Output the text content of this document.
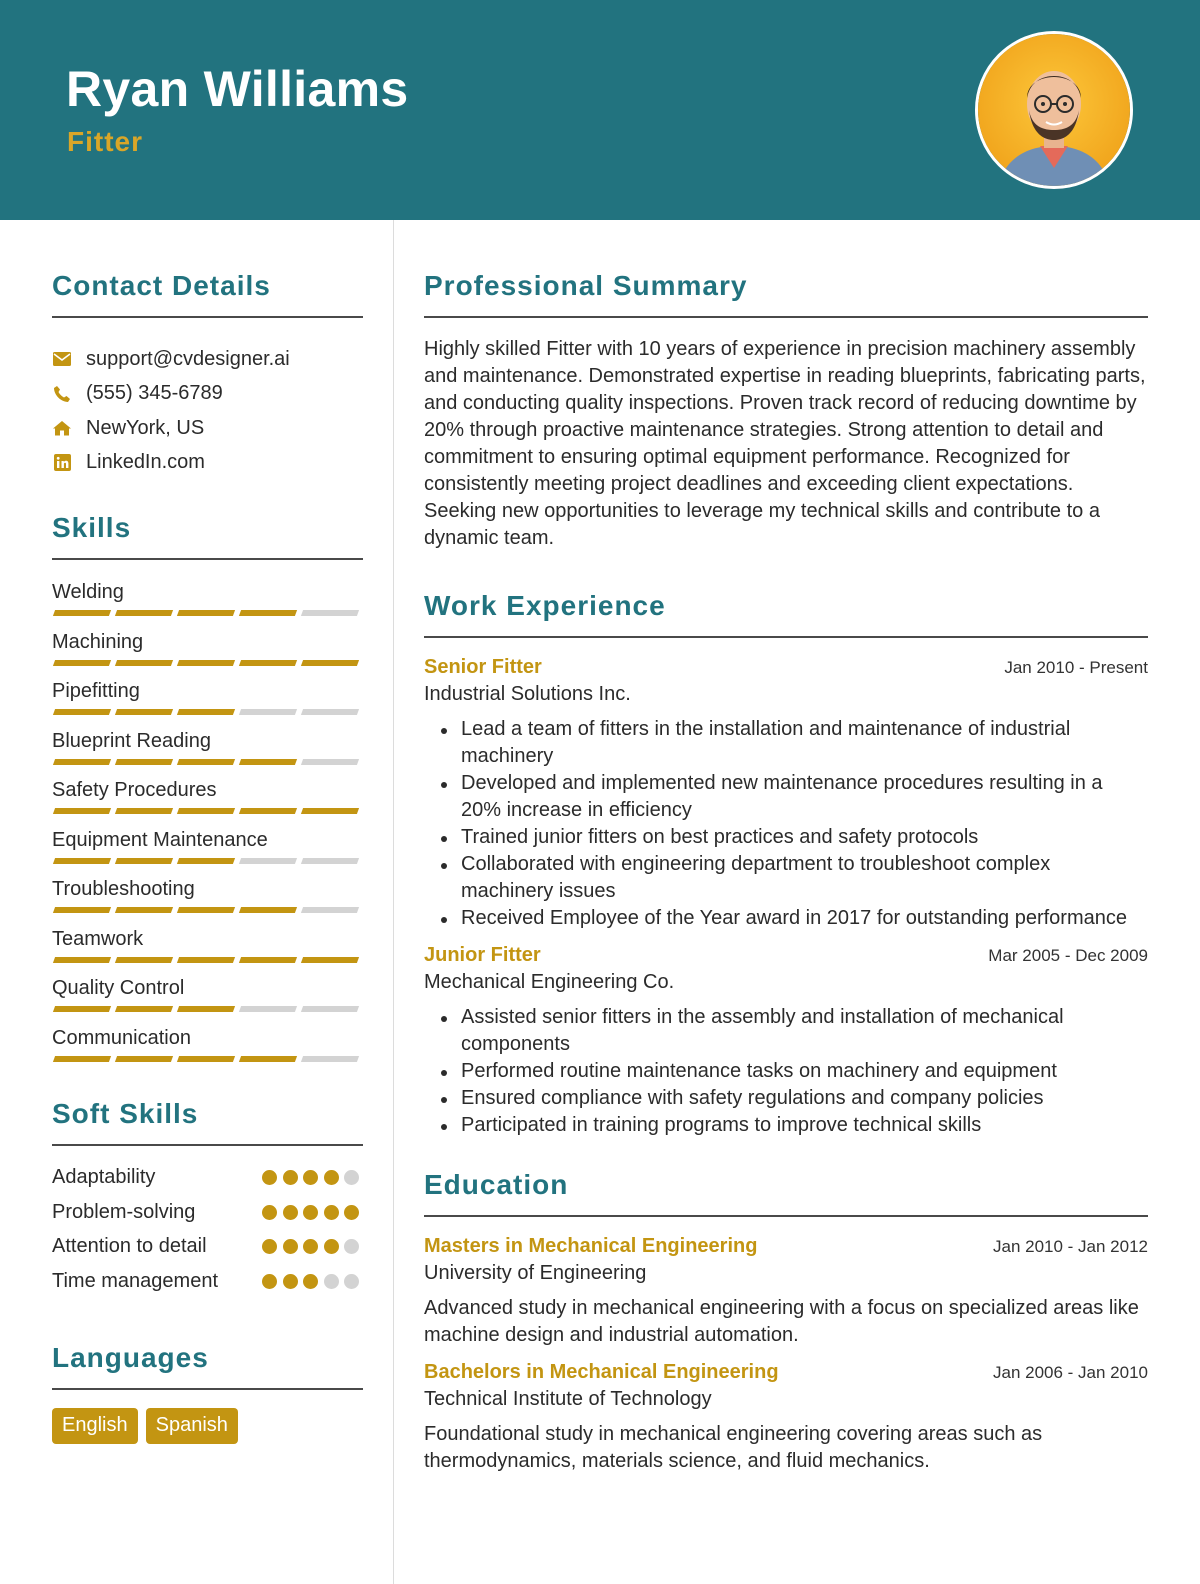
Ryan Williams
Fitter
Contact Details
support@cvdesigner.ai
(555) 345-6789
NewYork, US
LinkedIn.com
Skills
Welding
Machining
Pipefitting
Blueprint Reading
Safety Procedures
Equipment Maintenance
Troubleshooting
Teamwork
Quality Control
Communication
Soft Skills
Adaptability
Problem-solving
Attention to detail
Time management
Languages
English	Spanish
Professional Summary

Highly skilled Fitter with 10 years of experience in precision machinery assembly and maintenance. Demonstrated expertise in reading blueprints, fabricating parts, and conducting quality inspections. Proven track record of reducing downtime by 20% through proactive maintenance strategies. Strong attention to detail and commitment to ensuring optimal equipment performance. Recognized for consistently meeting project deadlines and exceeding client expectations. Seeking new opportunities to leverage my technical skills and contribute to a dynamic team.

Work Experience
Senior Fitter	Jan 2010 - Present
Industrial Solutions Inc.
Lead a team of fitters in the installation and maintenance of industrial machinery
Developed and implemented new maintenance procedures resulting in a 20% increase in efficiency
Trained junior fitters on best practices and safety protocols
Collaborated with engineering department to troubleshoot complex machinery issues
Received Employee of the Year award in 2017 for outstanding performance
Junior Fitter	Mar 2005 - Dec 2009
Mechanical Engineering Co.
Assisted senior fitters in the assembly and installation of mechanical components
Performed routine maintenance tasks on machinery and equipment
Ensured compliance with safety regulations and company policies
Participated in training programs to improve technical skills
Education
Masters in Mechanical Engineering	Jan 2010 - Jan 2012
University of Engineering

Advanced study in mechanical engineering with a focus on specialized areas like machine design and industrial automation.

Bachelors in Mechanical Engineering	Jan 2006 - Jan 2010
Technical Institute of Technology

Foundational study in mechanical engineering covering areas such as thermodynamics, materials science, and fluid mechanics.
